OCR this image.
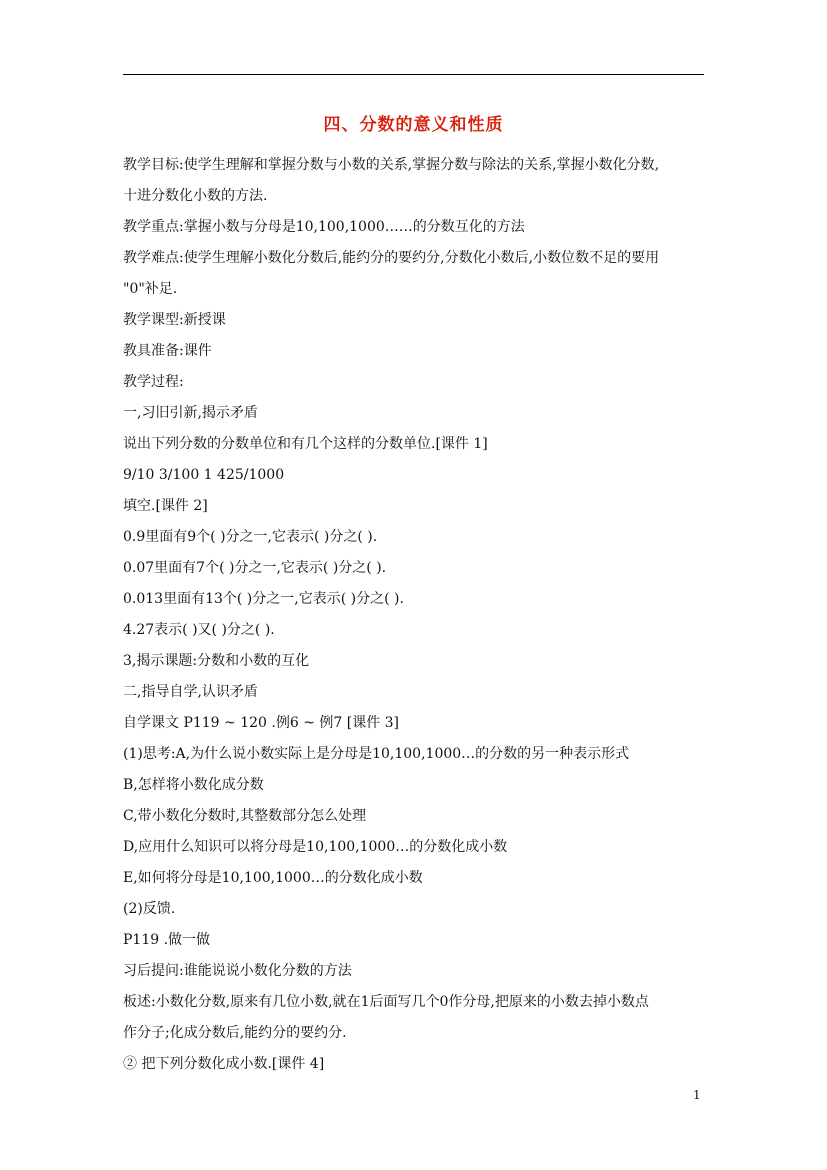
四、分数的意义和性质
教学目标:使学生理解和掌握分数与小数的关系,掌握分数与除法的关系,掌握小数化分数,
十进分数化小数的方法.
教学重点:掌握小数与分母是10,100,1000……的分数互化的方法
教学难点:使学生理解小数化分数后,能约分的要约分,分数化小数后,小数位数不足的要用
"0"补足.
教学课型:新授课
教具准备:课件
教学过程:
一,习旧引新,揭示矛盾
说出下列分数的分数单位和有几个这样的分数单位.[课件 1]
9/10 3/100 1 425/1000
填空.[课件 2]
0.9里面有9个( )分之一,它表示( )分之( ).
0.07里面有7个( )分之一,它表示( )分之( ).
0.013里面有13个( )分之一,它表示( )分之( ).
4.27表示( )又( )分之( ).
3,揭示课题:分数和小数的互化
二,指导自学,认识矛盾
自学课文 P119 ~ 120 .例6 ~ 例7 [课件 3]
(1)思考:A,为什么说小数实际上是分母是10,100,1000…的分数的另一种表示形式
B,怎样将小数化成分数
C,带小数化分数时,其整数部分怎么处理
D,应用什么知识可以将分母是10,100,1000…的分数化成小数
E,如何将分母是10,100,1000…的分数化成小数
(2)反馈.
P119 .做一做
习后提问:谁能说说小数化分数的方法
板述:小数化分数,原来有几位小数,就在1后面写几个0作分母,把原来的小数去掉小数点
作分子;化成分数后,能约分的要约分.
② 把下列分数化成小数.[课件 4]
1
